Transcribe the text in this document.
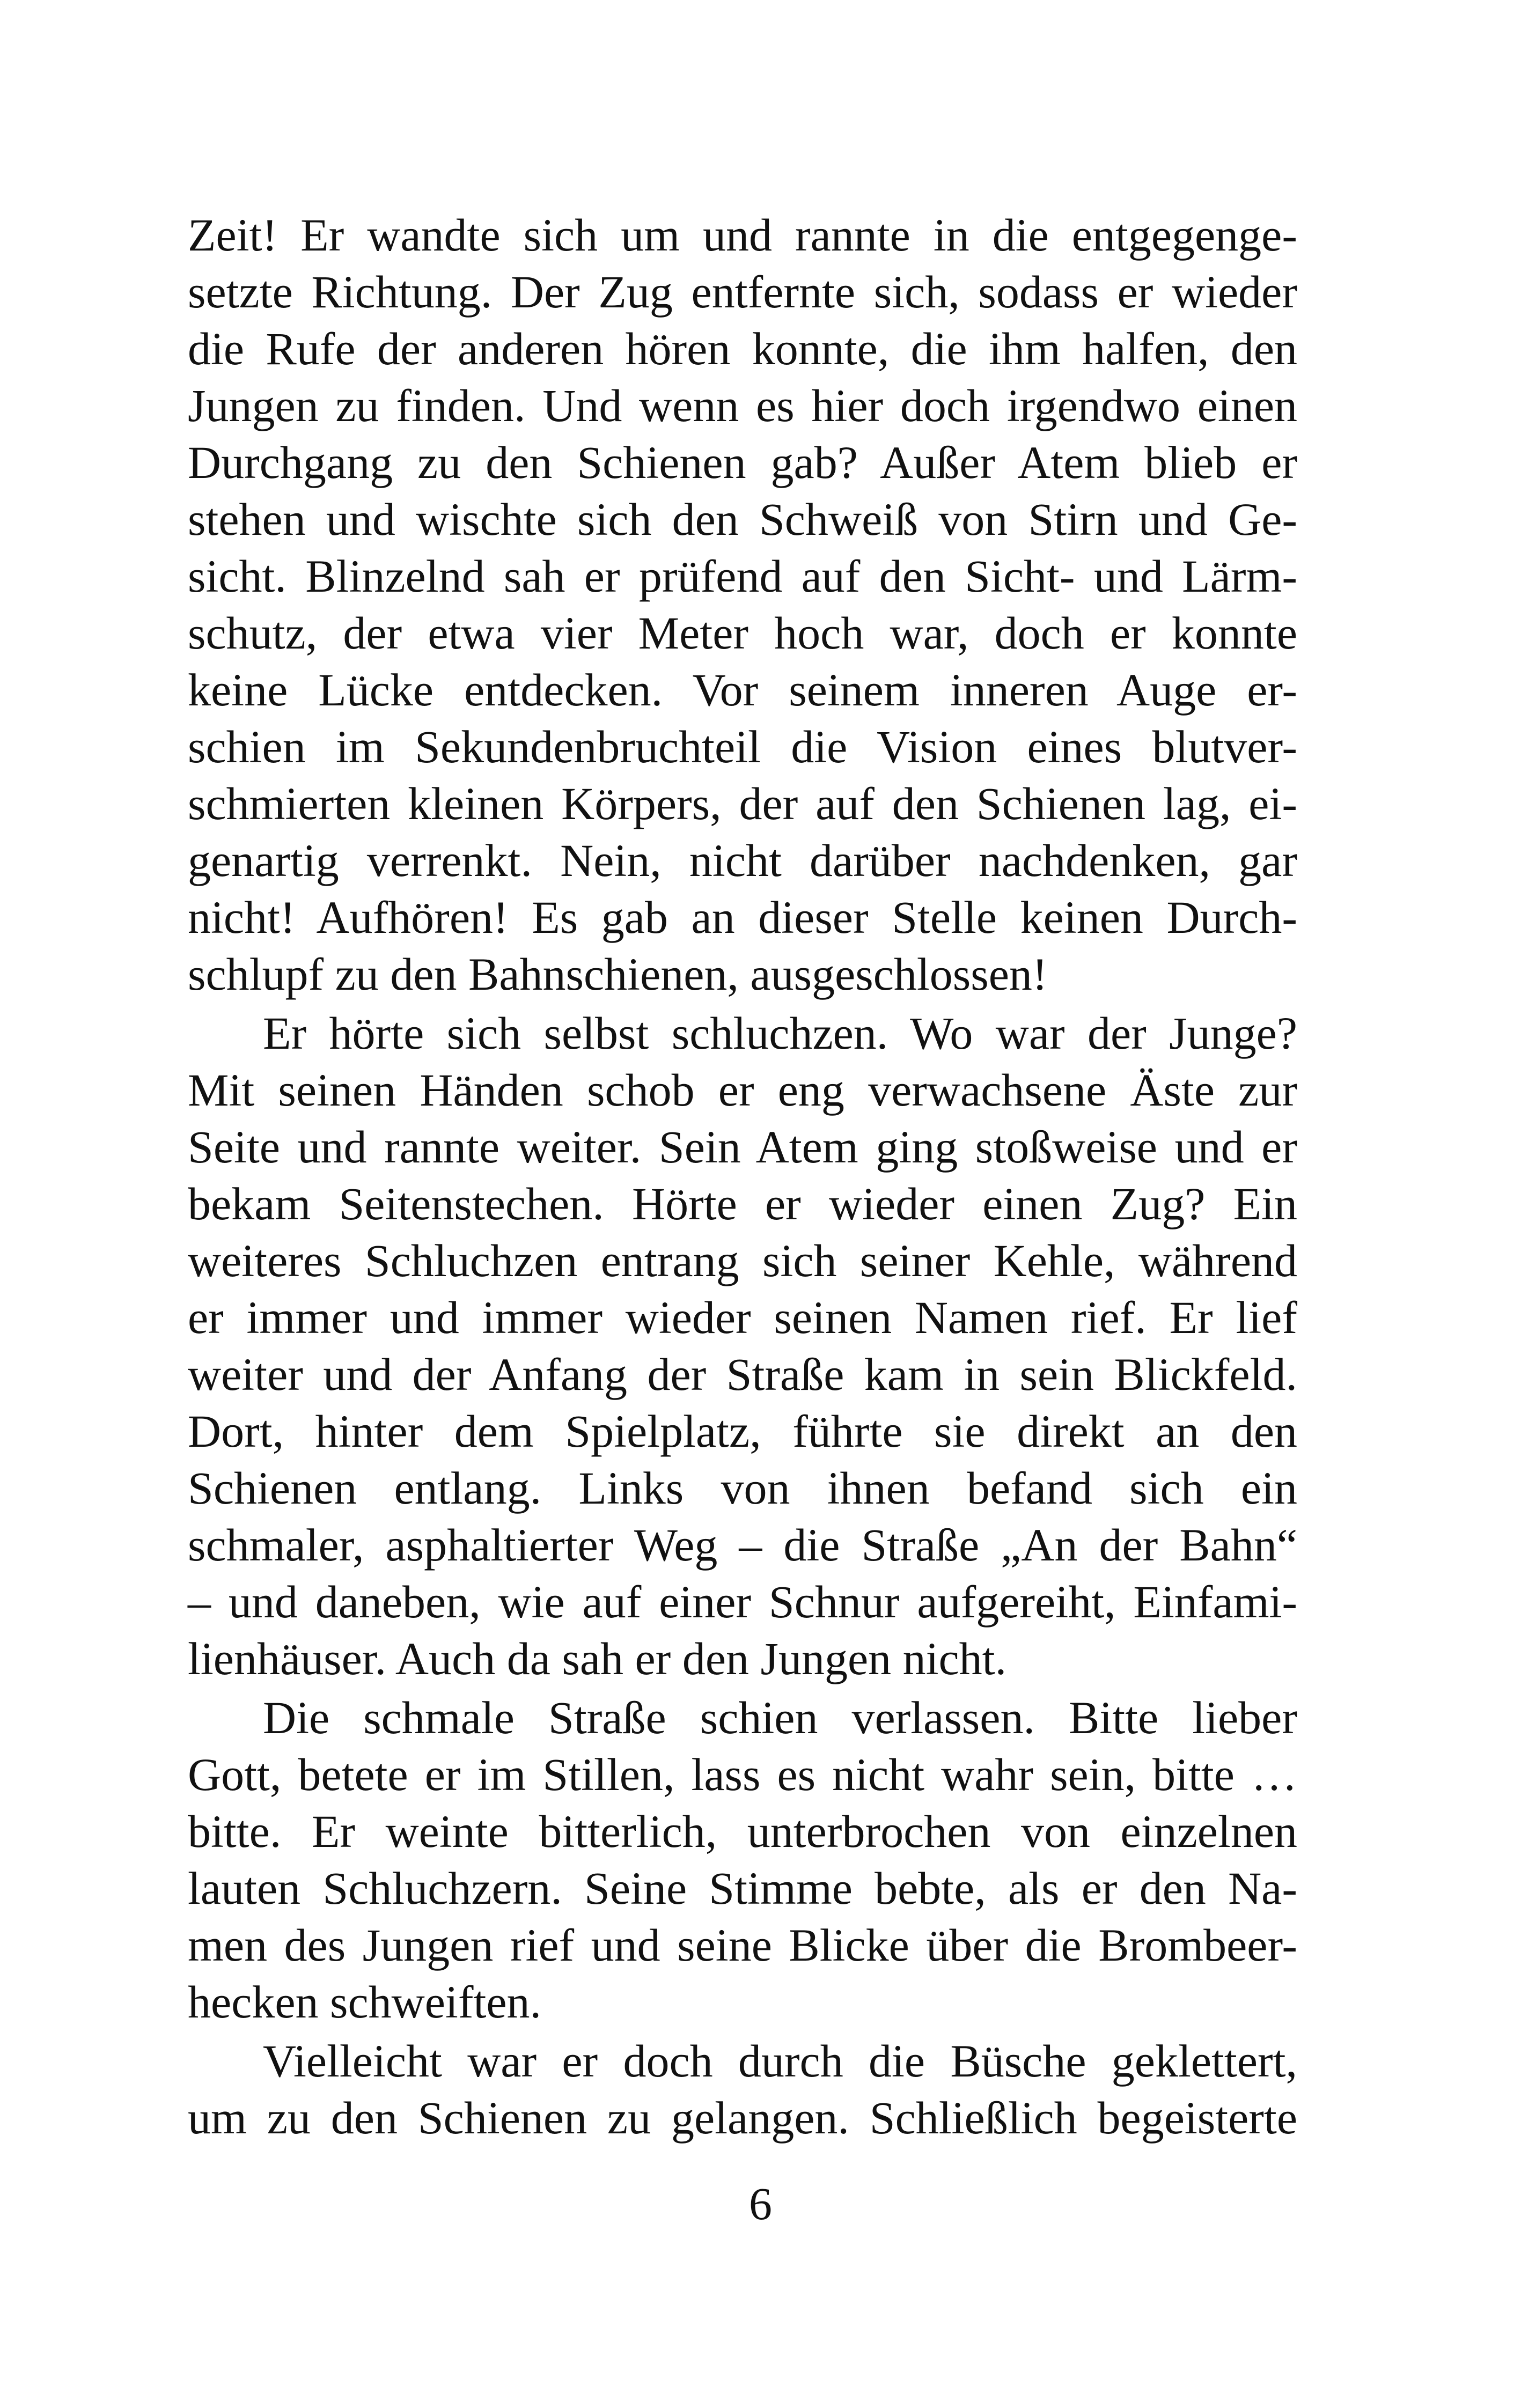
Zeit! Er wandte sich um und rannte in die entgegenge-
setzte Richtung. Der Zug entfernte sich, sodass er wieder
die Rufe der anderen hören konnte, die ihm halfen, den
Jungen zu finden. Und wenn es hier doch irgendwo einen
Durchgang zu den Schienen gab? Außer Atem blieb er
stehen und wischte sich den Schweiß von Stirn und Ge-
sicht. Blinzelnd sah er prüfend auf den Sicht- und Lärm-
schutz, der etwa vier Meter hoch war, doch er konnte
keine Lücke entdecken. Vor seinem inneren Auge er-
schien im Sekundenbruchteil die Vision eines blutver-
schmierten kleinen Körpers, der auf den Schienen lag, ei-
genartig verrenkt. Nein, nicht darüber nachdenken, gar
nicht! Aufhören! Es gab an dieser Stelle keinen Durch-
schlupf zu den Bahnschienen, ausgeschlossen!
Er hörte sich selbst schluchzen. Wo war der Junge?
Mit seinen Händen schob er eng verwachsene Äste zur
Seite und rannte weiter. Sein Atem ging stoßweise und er
bekam Seitenstechen. Hörte er wieder einen Zug? Ein
weiteres Schluchzen entrang sich seiner Kehle, während
er immer und immer wieder seinen Namen rief. Er lief
weiter und der Anfang der Straße kam in sein Blickfeld.
Dort, hinter dem Spielplatz, führte sie direkt an den
Schienen entlang. Links von ihnen befand sich ein
schmaler, asphaltierter Weg – die Straße „An der Bahn“
– und daneben, wie auf einer Schnur aufgereiht, Einfami-
lienhäuser. Auch da sah er den Jungen nicht.
Die schmale Straße schien verlassen. Bitte lieber
Gott, betete er im Stillen, lass es nicht wahr sein, bitte …
bitte. Er weinte bitterlich, unterbrochen von einzelnen
lauten Schluchzern. Seine Stimme bebte, als er den Na-
men des Jungen rief und seine Blicke über die Brombeer-
hecken schweiften.
Vielleicht war er doch durch die Büsche geklettert,
um zu den Schienen zu gelangen. Schließlich begeisterte
6
